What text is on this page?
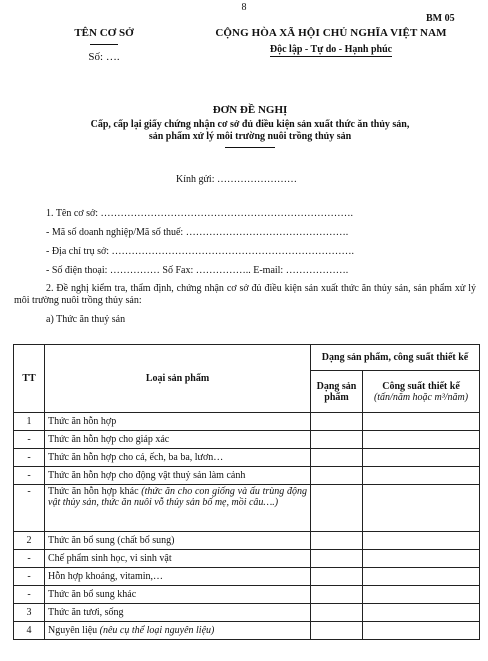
8
BM 05
TÊN CƠ SỞ
Số: ….
CỘNG HÒA XÃ HỘI CHỦ NGHĨA VIỆT NAM
Độc lập - Tự do - Hạnh phúc
ĐƠN ĐỀ NGHỊ
Cấp, cấp lại giấy chứng nhận cơ sở đủ điều kiện sản xuất thức ăn thủy sản,
sản phẩm xử lý môi trường nuôi trồng thủy sản
Kính gửi: ……………………
1. Tên cơ sở: ………………………………………………………………….
- Mã số doanh nghiệp/Mã số thuế: ………………………………………….
- Địa chỉ trụ sở: ……………………………………………………………….
- Số điện thoại: …………… Số Fax: …………….. E-mail: ……………….
2. Đề nghị kiểm tra, thẩm định, chứng nhận cơ sở đủ điều kiện sản xuất thức ăn thủy sản, sản phẩm xử lý môi trường nuôi trồng thủy sản:
a) Thức ăn thuỷ sản
TT	Loại sản phẩm	Dạng sản phẩm, công suất thiết kế	
		Dạng sản phẩm	Công suất thiết kế
(tấn/năm hoặc m³/năm)
1	Thức ăn hỗn hợp		
-	Thức ăn hỗn hợp cho giáp xác		
-	Thức ăn hỗn hợp cho cá, ếch, ba ba, lươn…		
-	Thức ăn hỗn hợp cho động vật thuỷ sản làm cảnh		
-	Thức ăn hỗn hợp khác (thức ăn cho con giống và ấu trùng động vật thủy sản, thức ăn nuôi vỗ thủy sản bố mẹ, mồi câu….)		
2	Thức ăn bổ sung (chất bổ sung)		
-	Chế phẩm sinh học, vi sinh vật		
-	Hỗn hợp khoáng, vitamin,…		
-	Thức ăn bổ sung khác		
3	Thức ăn tươi, sống		
4	Nguyên liệu (nêu cụ thể loại nguyên liệu)		
